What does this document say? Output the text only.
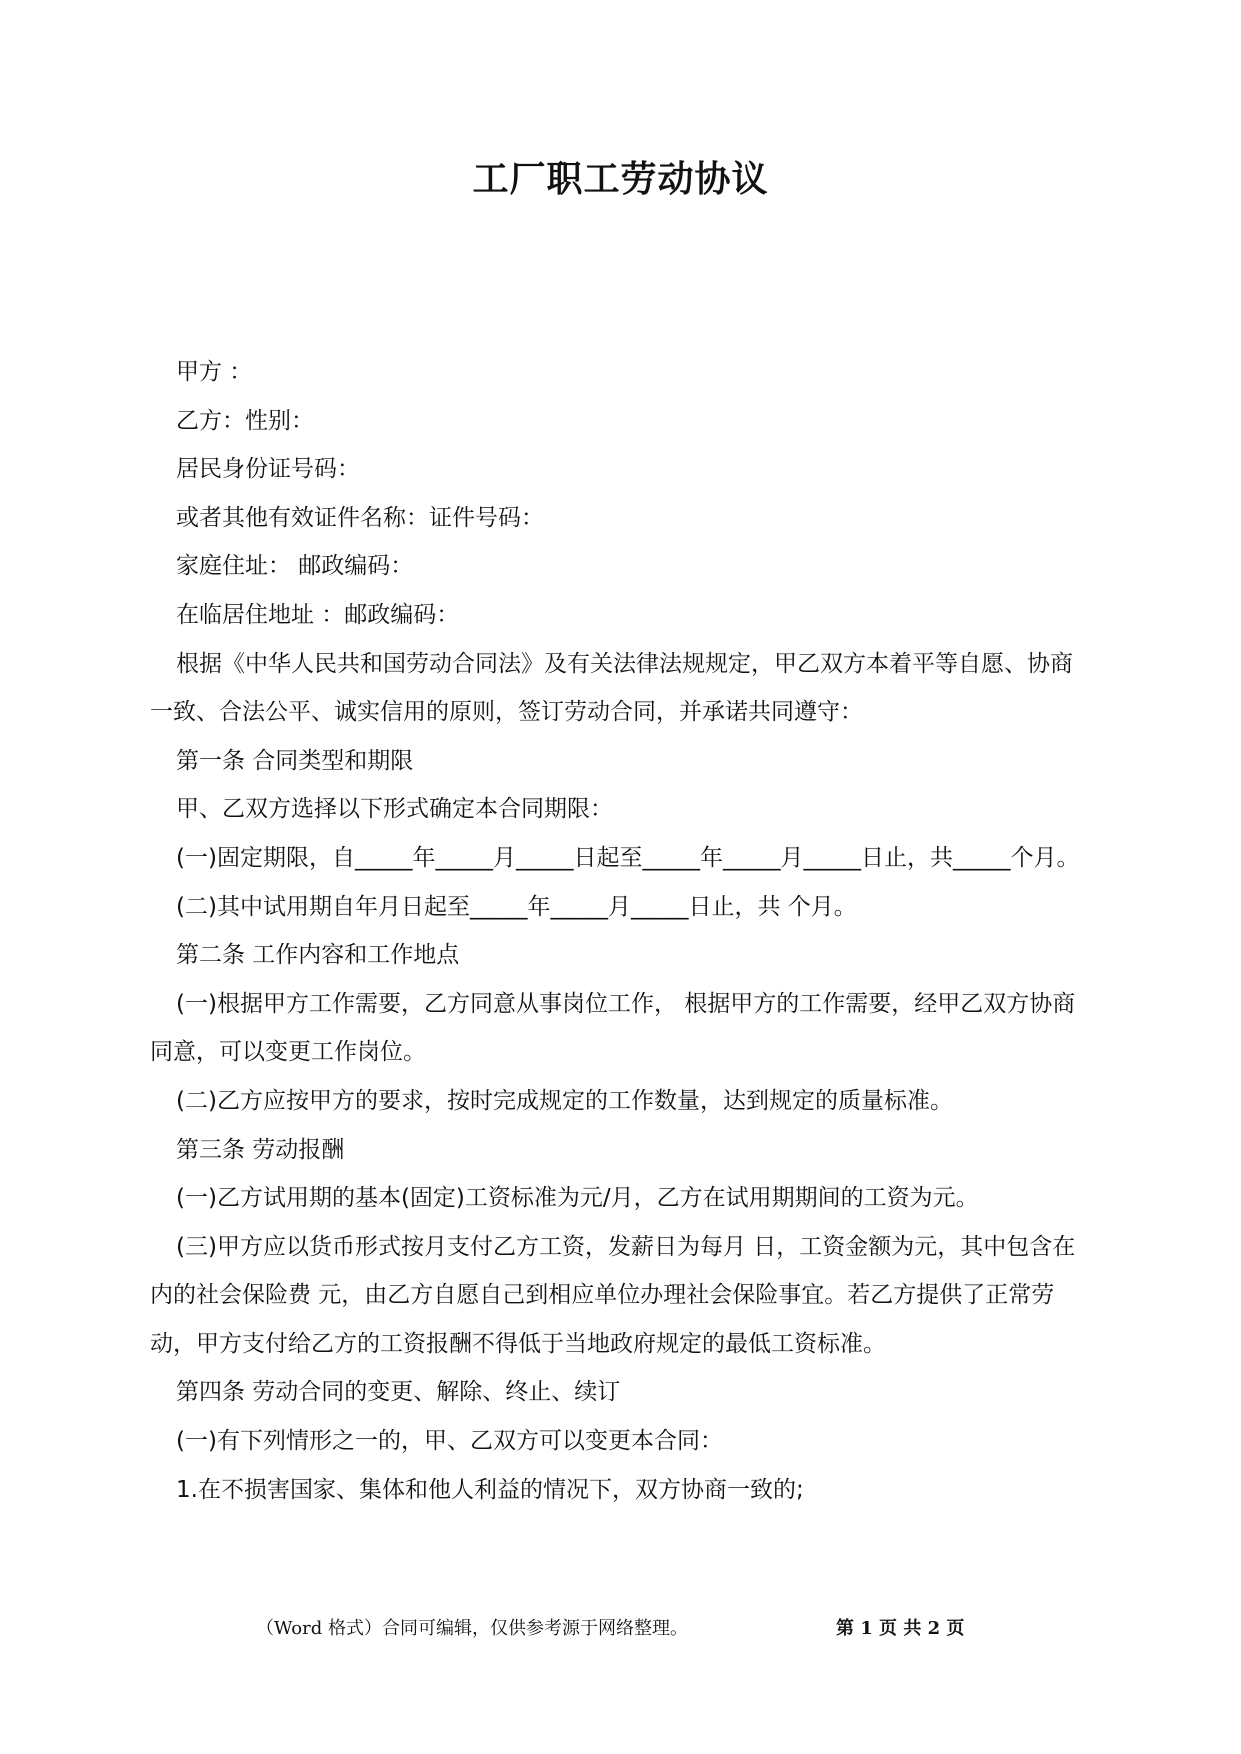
工厂职工劳动协议

甲方 ：

乙方：性别：

居民身份证号码：

或者其他有效证件名称：证件号码：

家庭住址： 邮政编码：

在临居住地址 ：邮政编码：

根据《中华人民共和国劳动合同法》及有关法律法规规定，甲乙双方本着平等自愿、协商一致、合法公平、诚实信用的原则，签订劳动合同，并承诺共同遵守：

第一条 合同类型和期限

甲、乙双方选择以下形式确定本合同期限：

(一)固定期限，自_____年_____月_____日起至_____年_____月_____日止，共_____个月。

(二)其中试用期自年月日起至_____年_____月_____日止，共 个月。

第二条 工作内容和工作地点

(一)根据甲方工作需要，乙方同意从事岗位工作， 根据甲方的工作需要，经甲乙双方协商同意，可以变更工作岗位。

(二)乙方应按甲方的要求，按时完成规定的工作数量，达到规定的质量标准。

第三条 劳动报酬

(一)乙方试用期的基本(固定)工资标准为元/月，乙方在试用期期间的工资为元。

(三)甲方应以货币形式按月支付乙方工资，发薪日为每月 日，工资金额为元，其中包含在内的社会保险费 元，由乙方自愿自己到相应单位办理社会保险事宜。若乙方提供了正常劳动，甲方支付给乙方的工资报酬不得低于当地政府规定的最低工资标准。

第四条 劳动合同的变更、解除、终止、续订

(一)有下列情形之一的，甲、乙双方可以变更本合同：

1.在不损害国家、集体和他人利益的情况下，双方协商一致的;

（Word 格式）合同可编辑，仅供参考源于网络整理。	第 1 页 共 2 页
